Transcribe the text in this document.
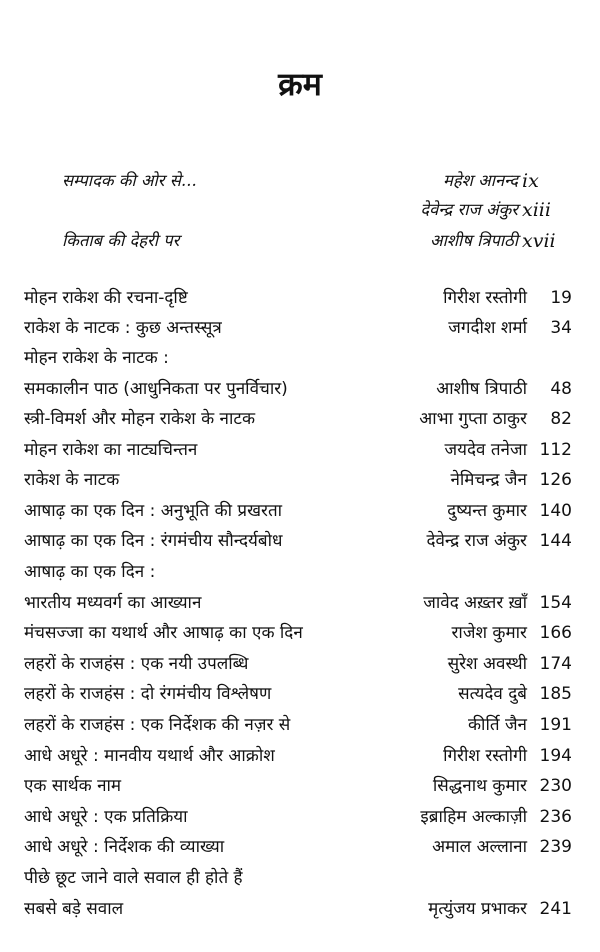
क्रम
सम्पादक की ओर से...	महेश आनन्द ix
देवेन्द्र राज अंकुर xiii
किताब की देहरी पर	आशीष त्रिपाठी xvii
मोहन राकेश की रचना-दृष्टि	गिरीश रस्तोगी 19
राकेश के नाटक : कुछ अन्तस्सूत्र	जगदीश शर्मा 34
मोहन राकेश के नाटक :
समकालीन पाठ (आधुनिकता पर पुनर्विचार)	आशीष त्रिपाठी 48
स्त्री-विमर्श और मोहन राकेश के नाटक	आभा गुप्ता ठाकुर 82
मोहन राकेश का नाट्यचिन्तन	जयदेव तनेजा 112
राकेश के नाटक	नेमिचन्द्र जैन 126
आषाढ़ का एक दिन : अनुभूति की प्रखरता	दुष्यन्त कुमार 140
आषाढ़ का एक दिन : रंगमंचीय सौन्दर्यबोध	देवेन्द्र राज अंकुर 144
आषाढ़ का एक दिन :
भारतीय मध्यवर्ग का आख्यान	जावेद अख़्तर ख़ाँ 154
मंचसज्जा का यथार्थ और आषाढ़ का एक दिन	राजेश कुमार 166
लहरों के राजहंस : एक नयी उपलब्धि	सुरेश अवस्थी 174
लहरों के राजहंस : दो रंगमंचीय विश्लेषण	सत्यदेव दुबे 185
लहरों के राजहंस : एक निर्देशक की नज़र से	कीर्ति जैन 191
आधे अधूरे : मानवीय यथार्थ और आक्रोश	गिरीश रस्तोगी 194
एक सार्थक नाम	सिद्धनाथ कुमार 230
आधे अधूरे : एक प्रतिक्रिया	इब्राहिम अल्काज़ी 236
आधे अधूरे : निर्देशक की व्याख्या	अमाल अल्लाना 239
पीछे छूट जाने वाले सवाल ही होते हैं
सबसे बड़े सवाल	मृत्युंजय प्रभाकर 241
